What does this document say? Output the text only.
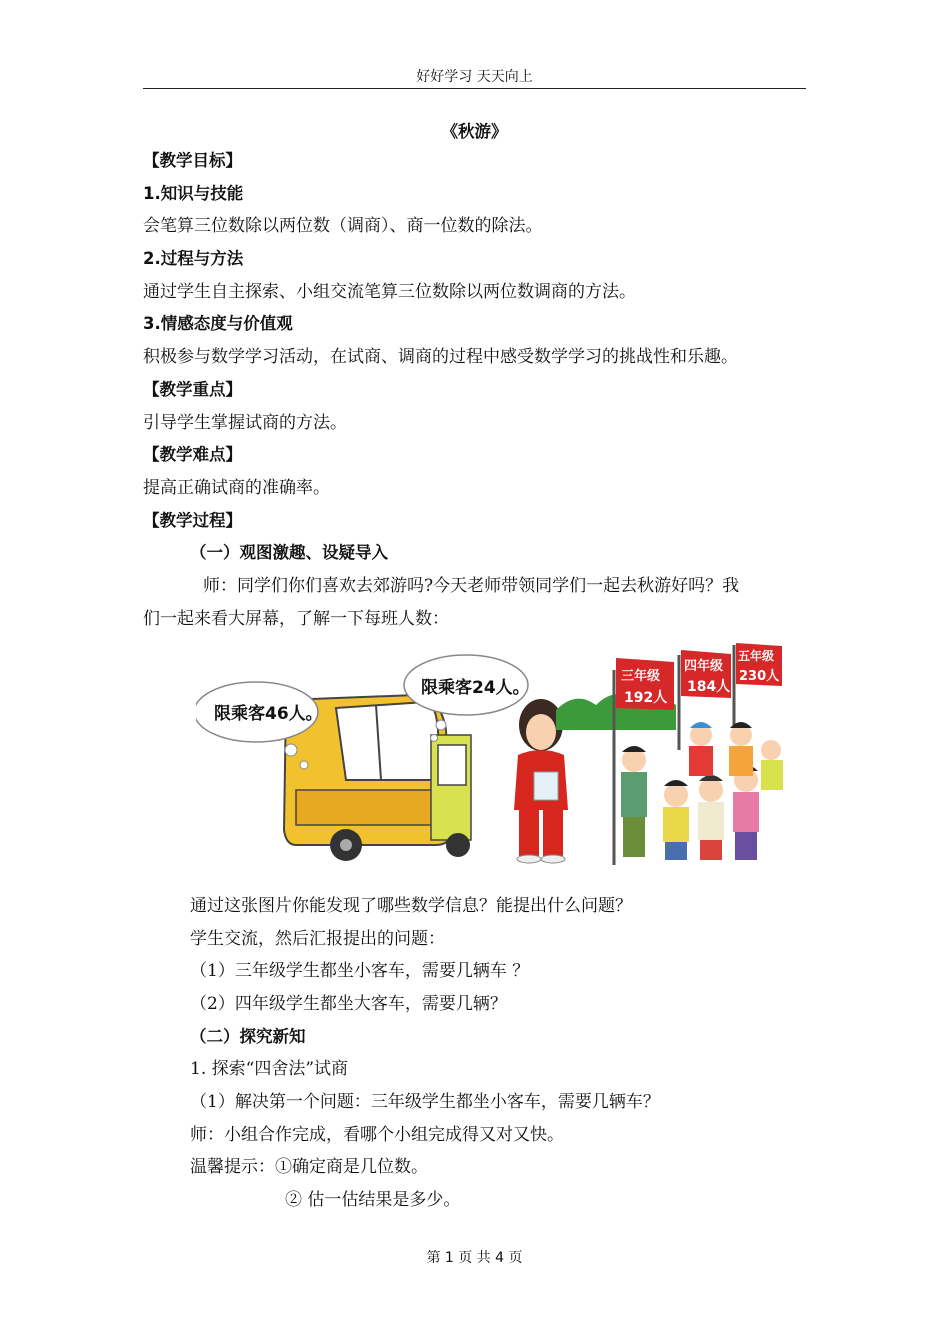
好好学习 天天向上
《秋游》
【教学目标】
1.知识与技能
会笔算三位数除以两位数（调商）、商一位数的除法。
2.过程与方法
通过学生自主探索、小组交流笔算三位数除以两位数调商的方法。
3.情感态度与价值观
积极参与数学学习活动，在试商、调商的过程中感受数学学习的挑战性和乐趣。
【教学重点】
引导学生掌握试商的方法。
【教学难点】
提高正确试商的准确率。
【教学过程】
（一）观图激趣、设疑导入
师：同学们你们喜欢去郊游吗?今天老师带领同学们一起去秋游好吗？我
们一起来看大屏幕，了解一下每班人数：
限乘客46人。
限乘客24人。
三年级
192人
四年级
184人
五年级
230人
通过这张图片你能发现了哪些数学信息？能提出什么问题？
学生交流，然后汇报提出的问题：
（1）三年级学生都坐小客车，需要几辆车 ？
（2）四年级学生都坐大客车，需要几辆？
（二）探究新知
1. 探索“四舍法”试商
（1）解决第一个问题：三年级学生都坐小客车，需要几辆车？
师：小组合作完成，看哪个小组完成得又对又快。
温馨提示：①确定商是几位数。
② 估一估结果是多少。
第 1 页 共 4 页
